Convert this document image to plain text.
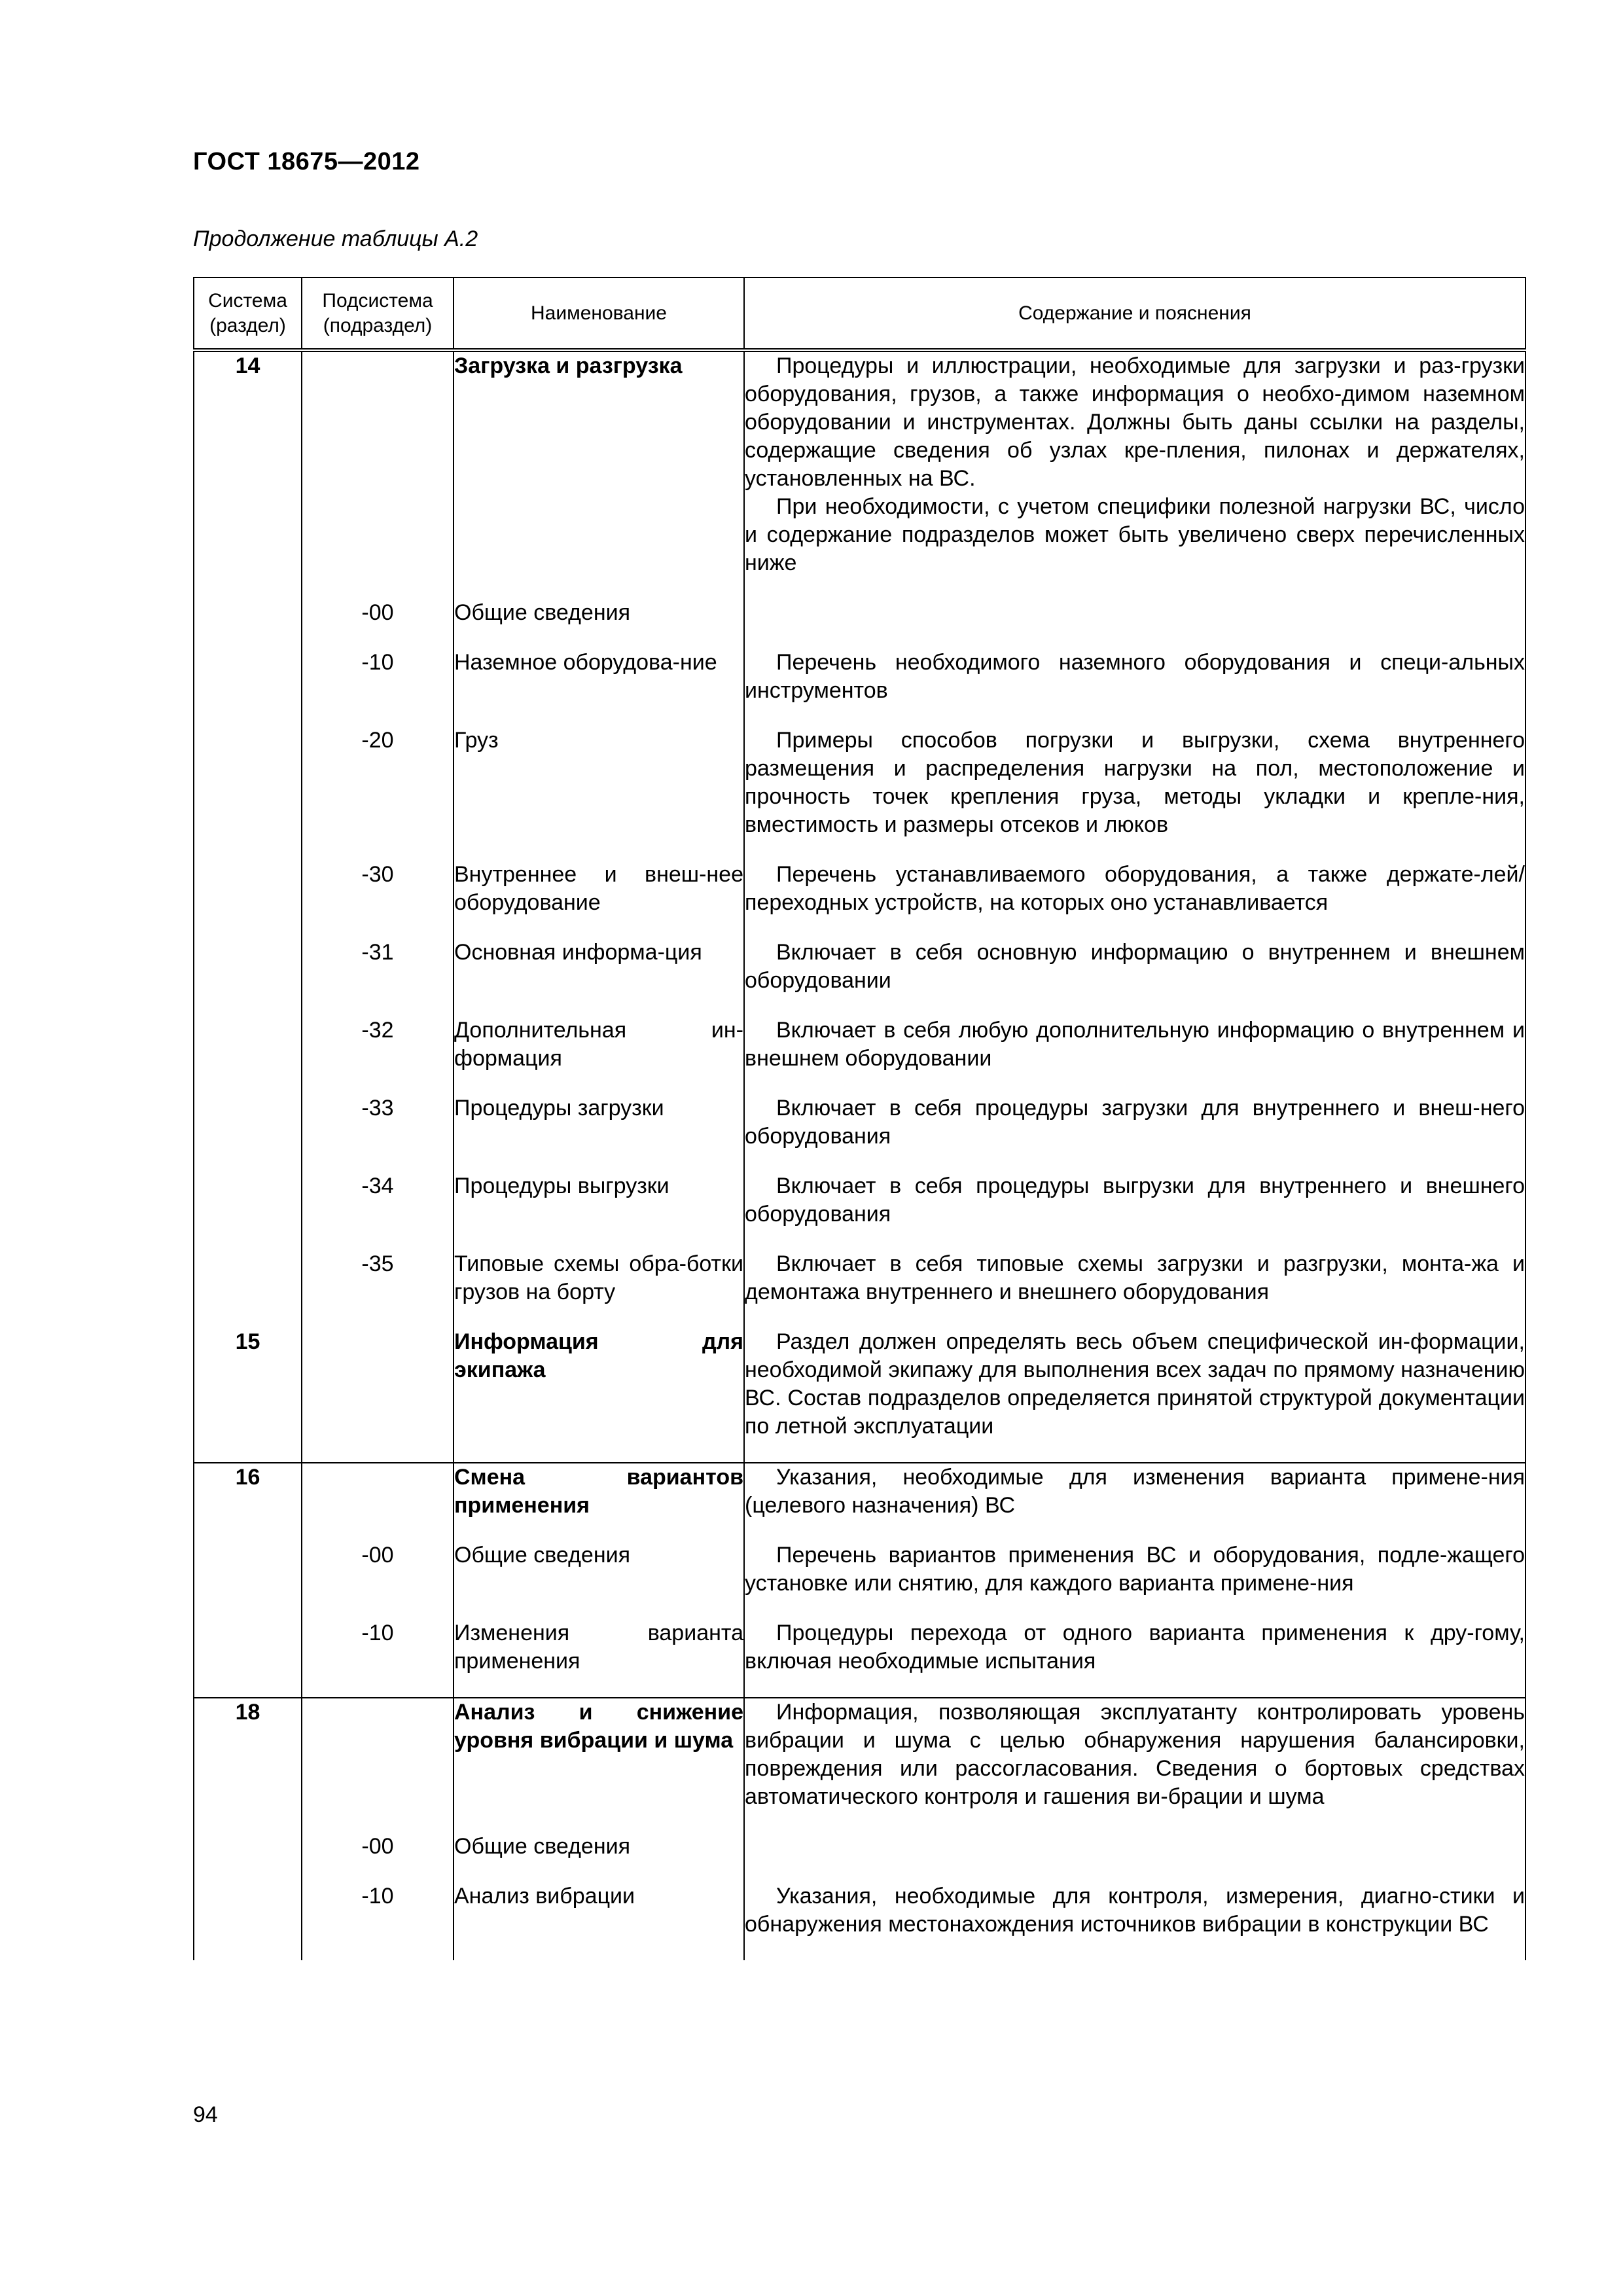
ГОСТ 18675—2012
Продолжение таблицы А.2
Система (раздел)	Подсистема (подраздел)	Наименование	Содержание и пояснения
14		Загрузка и разгрузка	Процедуры и иллюстрации, необходимые для загрузки и раз-грузки оборудования, грузов, а также информация о необхо-димом наземном оборудовании и инструментах. Должны быть даны ссылки на разделы, содержащие сведения об узлах кре-пления, пилонах и держателях, установленных на ВС.

При необходимости, с учетом специфики полезной нагрузки ВС, число и содержание подразделов может быть увеличено сверх перечисленных ниже

	-00	Общие сведения	
	-10	Наземное оборудова-ние	Перечень необходимого наземного оборудования и специ-альных инструментов

	-20	Груз	Примеры способов погрузки и выгрузки, схема внутреннего размещения и распределения нагрузки на пол, местоположение и прочность точек крепления груза, методы укладки и крепле-ния, вместимость и размеры отсеков и люков

	-30	Внутреннее и внеш-нее оборудование	Перечень устанавливаемого оборудования, а также держате-лей/переходных устройств, на которых оно устанавливается

	-31	Основная информа-ция	Включает в себя основную информацию о внутреннем и внешнем оборудовании

	-32	Дополнительная ин-формация	Включает в себя любую дополнительную информацию о внутреннем и внешнем оборудовании

	-33	Процедуры загрузки	Включает в себя процедуры загрузки для внутреннего и внеш-него оборудования

	-34	Процедуры выгрузки	Включает в себя процедуры выгрузки для внутреннего и внешнего оборудования

	-35	Типовые схемы обра-ботки грузов на борту	Включает в себя типовые схемы загрузки и разгрузки, монта-жа и демонтажа внутреннего и внешнего оборудования

15		Информация для экипажа	Раздел должен определять весь объем специфической ин-формации, необходимой экипажу для выполнения всех задач по прямому назначению ВС. Состав подразделов определяется принятой структурой документации по летной эксплуатации

16		Смена вариантов применения	Указания, необходимые для изменения варианта примене-ния (целевого назначения) ВС

	-00	Общие сведения	Перечень вариантов применения ВС и оборудования, подле-жащего установке или снятию, для каждого варианта примене-ния

	-10	Изменения варианта применения	Процедуры перехода от одного варианта применения к дру-гому, включая необходимые испытания

18		Анализ и снижение уровня вибрации и шума	Информация, позволяющая эксплуатанту контролировать уровень вибрации и шума с целью обнаружения нарушения балансировки, повреждения или рассогласования. Сведения о бортовых средствах автоматического контроля и гашения ви-брации и шума

	-00	Общие сведения	
	-10	Анализ вибрации	Указания, необходимые для контроля, измерения, диагно-стики и обнаружения местонахождения источников вибрации в конструкции ВС

94
